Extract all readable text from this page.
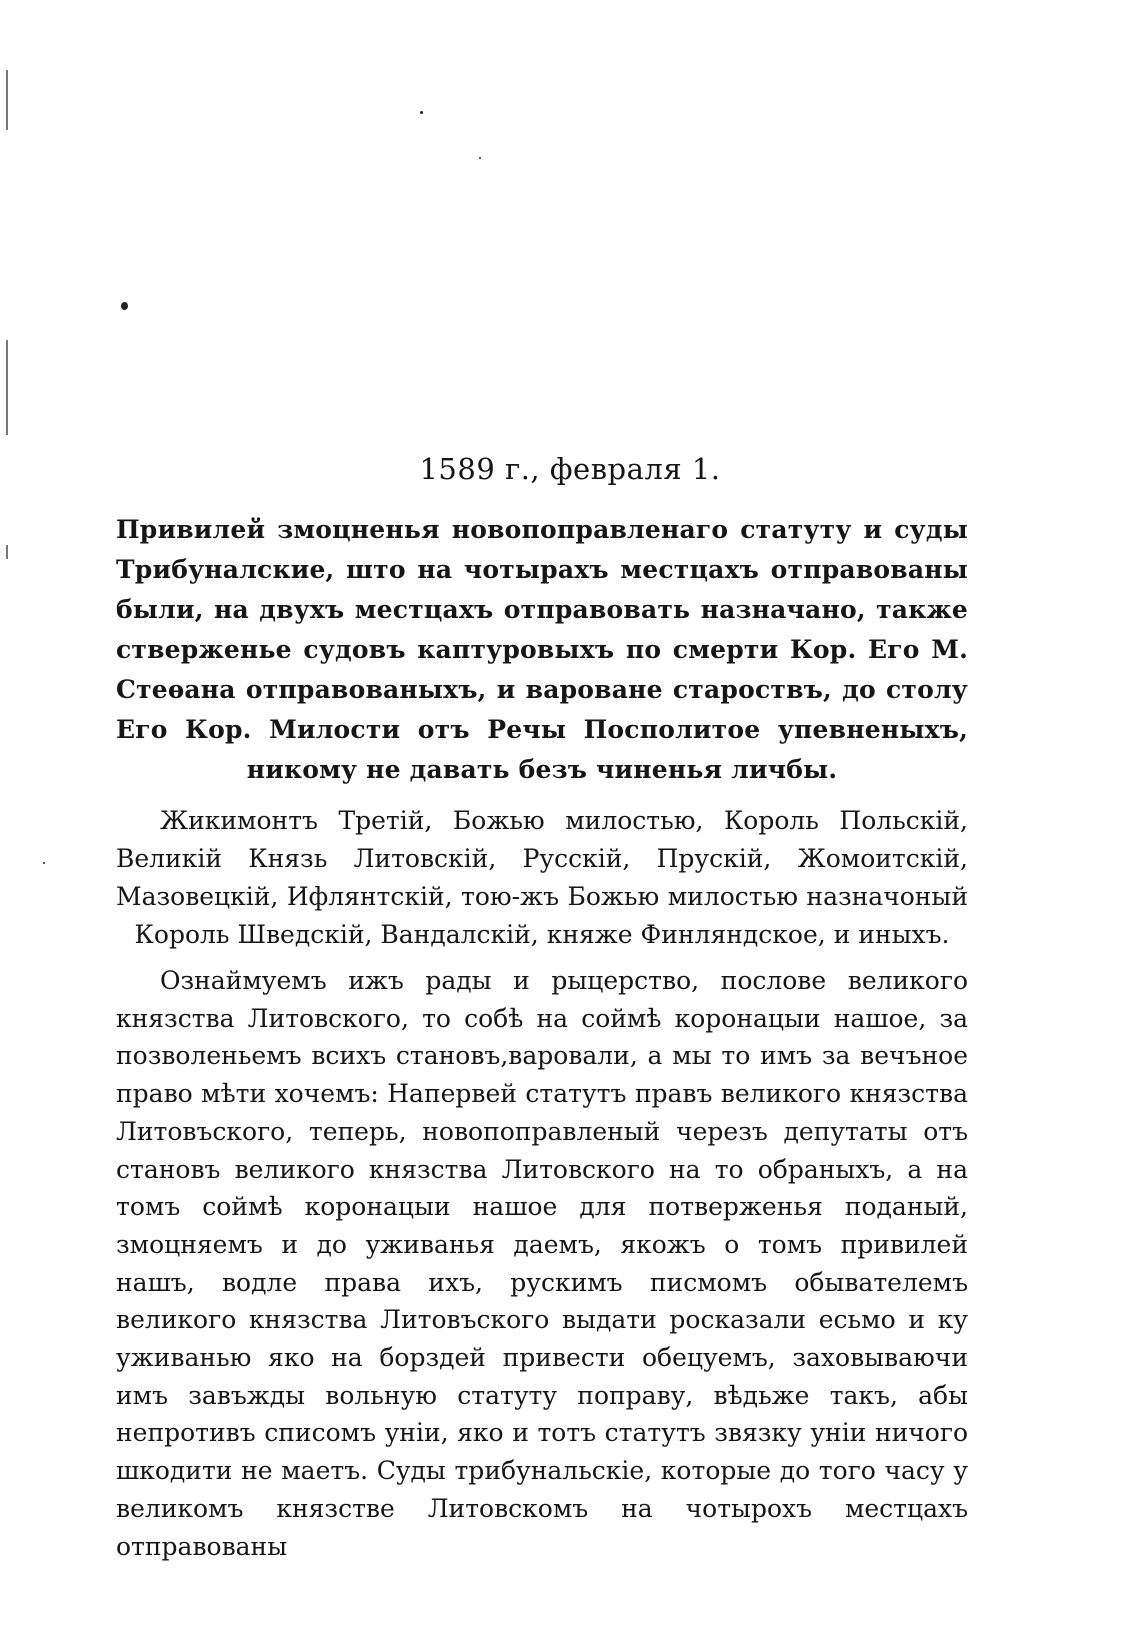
1589 г., февраля 1.

Привилей змоцненья новопоправленаго статуту и суды Трибуналские, што на чотырахъ местцахъ отправованы были, на двухъ местцахъ отправовать назначано, также стверженье судовъ каптуровыхъ по смерти Кор. Его М. Стеѳана отправованыхъ, и вароване староствъ, до столу Его Кор. Милости отъ Речы Посполитое упевненыхъ, никому не давать безъ чиненья личбы.

Жикимонтъ Третій, Божью милостью, Король Польскій, Великій Князь Литовскій, Русскій, Прускій, Жомоитскій, Мазовецкій, Ифлянтскій, тою-жъ Божью милостью назначоный Король Шведскій, Вандалскій, княже Финляндское, и иныхъ.

Ознаймуемъ ижъ рады и рыцерство, послове великого князства Литовского, то собѣ на соймѣ коронацыи нашое, за позволеньемъ всихъ становъ,варовали, а мы то имъ за вечъное право мѣти хочемъ: Напервей статутъ правъ великого князства Литовъского, теперь, новопоправленый черезъ депутаты отъ становъ великого князства Литовского на то обраныхъ, а на томъ соймѣ коронацыи нашое для потверженья поданый, змоцняемъ и до уживанья даемъ, якожъ о томъ привилей нашъ, водле права ихъ, рускимъ писмомъ обывателемъ великого князства Литовъского выдати росказали есьмо и ку уживанью яко на борздей привести обецуемъ, заховываючи имъ завъжды вольную статуту поправу, вѣдьже такъ, абы непротивъ списомъ уніи, яко и тотъ статутъ звязку уніи ничого шкодити не маетъ. Суды трибунальскіе, которые до того часу у великомъ князстве Литовскомъ на чотырохъ местцахъ отправованы
